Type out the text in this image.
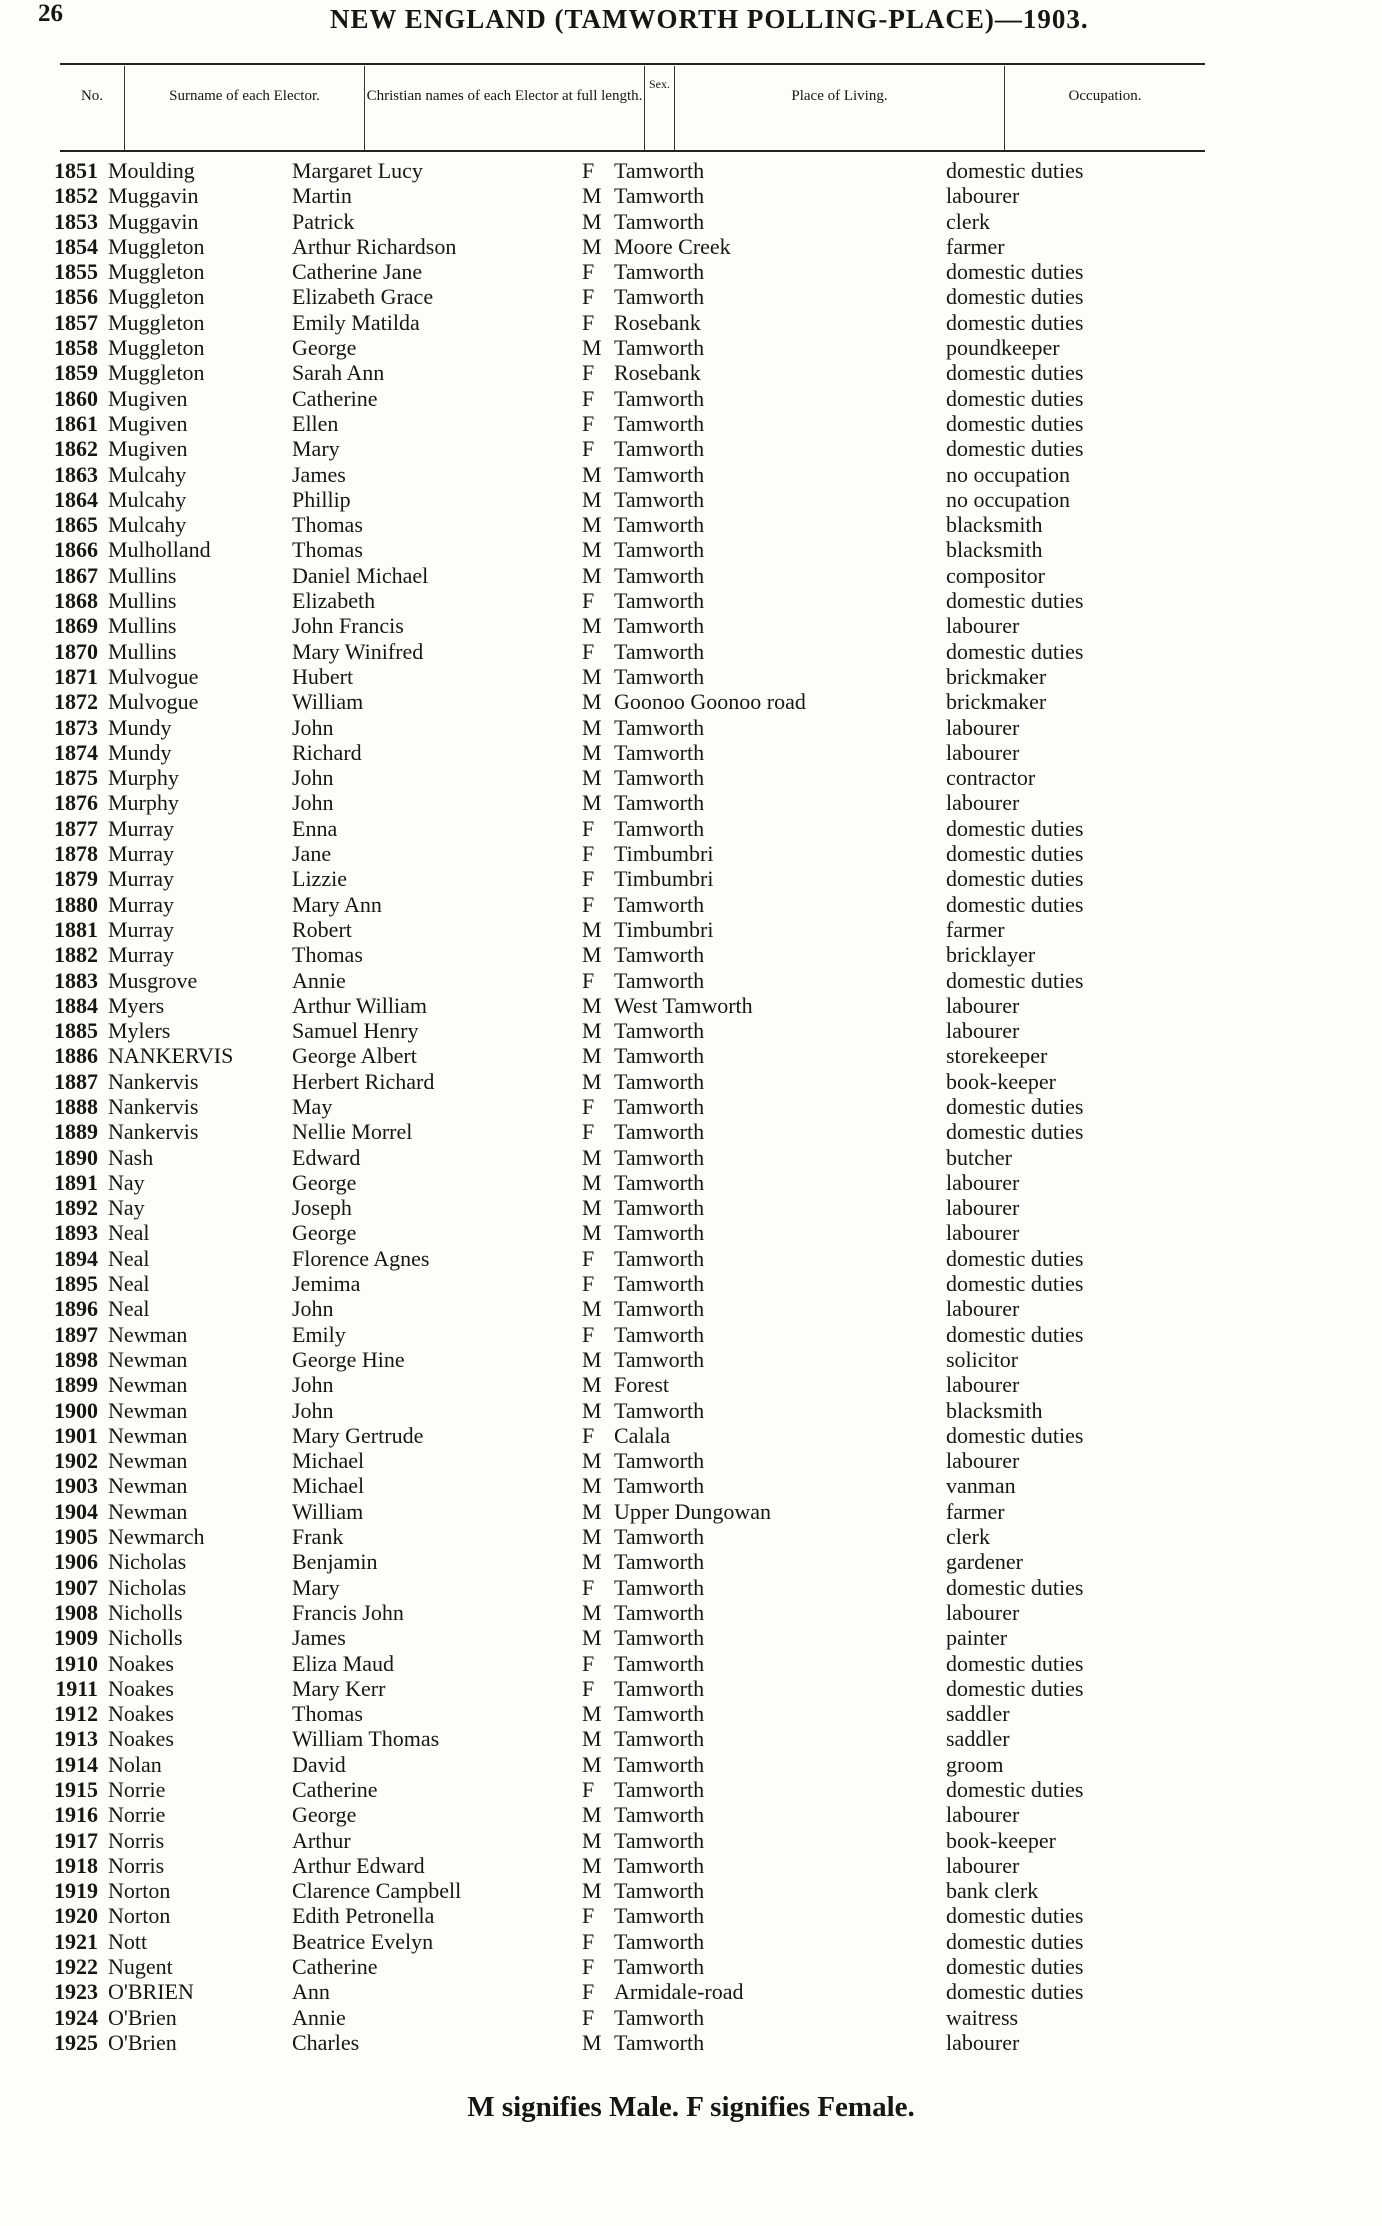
26	NEW ENGLAND (TAMWORTH POLLING-PLACE)—1903.
No.	Surname of each Elector.	Christian names of each Elector at full length.
Sex.
Place of Living.	Occupation.
1851 Moulding	Margaret Lucy	F Tamworth	domestic duties
1852 Muggavin	Martin	M Tamworth	labourer
1853 Muggavin	Patrick	M Tamworth	clerk
1854 Muggleton	Arthur Richardson	M Moore Creek	farmer
1855 Muggleton	Catherine Jane	F Tamworth	domestic duties
1856 Muggleton	Elizabeth Grace	F Tamworth	domestic duties
1857 Muggleton	Emily Matilda	F Rosebank	domestic duties
1858 Muggleton	George	M Tamworth	poundkeeper
1859 Muggleton	Sarah Ann	F Rosebank	domestic duties
1860 Mugiven	Catherine	F Tamworth	domestic duties
1861 Mugiven	Ellen	F Tamworth	domestic duties
1862 Mugiven	Mary	F Tamworth	domestic duties
1863 Mulcahy	James	M Tamworth	no occupation
1864 Mulcahy	Phillip	M Tamworth	no occupation
1865 Mulcahy	Thomas	M Tamworth	blacksmith
1866 Mulholland	Thomas	M Tamworth	blacksmith
1867 Mullins	Daniel Michael	M Tamworth	compositor
1868 Mullins	Elizabeth	F Tamworth	domestic duties
1869 Mullins	John Francis	M Tamworth	labourer
1870 Mullins	Mary Winifred	F Tamworth	domestic duties
1871 Mulvogue	Hubert	M Tamworth	brickmaker
1872 Mulvogue	William	M Goonoo Goonoo road	brickmaker
1873 Mundy	John	M Tamworth	labourer
1874 Mundy	Richard	M Tamworth	labourer
1875 Murphy	John	M Tamworth	contractor
1876 Murphy	John	M Tamworth	labourer
1877 Murray	Enna	F Tamworth	domestic duties
1878 Murray	Jane	F Timbumbri	domestic duties
1879 Murray	Lizzie	F Timbumbri	domestic duties
1880 Murray	Mary Ann	F Tamworth	domestic duties
1881 Murray	Robert	M Timbumbri	farmer
1882 Murray	Thomas	M Tamworth	bricklayer
1883 Musgrove	Annie	F Tamworth	domestic duties
1884 Myers	Arthur William	M West Tamworth	labourer
1885 Mylers	Samuel Henry	M Tamworth	labourer
1886 NANKERVIS	George Albert	M Tamworth	storekeeper
1887 Nankervis	Herbert Richard	M Tamworth	book-keeper
1888 Nankervis	May	F Tamworth	domestic duties
1889 Nankervis	Nellie Morrel	F Tamworth	domestic duties
1890 Nash	Edward	M Tamworth	butcher
1891 Nay	George	M Tamworth	labourer
1892 Nay	Joseph	M Tamworth	labourer
1893 Neal	George	M Tamworth	labourer
1894 Neal	Florence Agnes	F Tamworth	domestic duties
1895 Neal	Jemima	F Tamworth	domestic duties
1896 Neal	John	M Tamworth	labourer
1897 Newman	Emily	F Tamworth	domestic duties
1898 Newman	George Hine	M Tamworth	solicitor
1899 Newman	John	M Forest	labourer
1900 Newman	John	M Tamworth	blacksmith
1901 Newman	Mary Gertrude	F Calala	domestic duties
1902 Newman	Michael	M Tamworth	labourer
1903 Newman	Michael	M Tamworth	vanman
1904 Newman	William	M Upper Dungowan	farmer
1905 Newmarch	Frank	M Tamworth	clerk
1906 Nicholas	Benjamin	M Tamworth	gardener
1907 Nicholas	Mary	F Tamworth	domestic duties
1908 Nicholls	Francis John	M Tamworth	labourer
1909 Nicholls	James	M Tamworth	painter
1910 Noakes	Eliza Maud	F Tamworth	domestic duties
1911 Noakes	Mary Kerr	F Tamworth	domestic duties
1912 Noakes	Thomas	M Tamworth	saddler
1913 Noakes	William Thomas	M Tamworth	saddler
1914 Nolan	David	M Tamworth	groom
1915 Norrie	Catherine	F Tamworth	domestic duties
1916 Norrie	George	M Tamworth	labourer
1917 Norris	Arthur	M Tamworth	book-keeper
1918 Norris	Arthur Edward	M Tamworth	labourer
1919 Norton	Clarence Campbell	M Tamworth	bank clerk
1920 Norton	Edith Petronella	F Tamworth	domestic duties
1921 Nott	Beatrice Evelyn	F Tamworth	domestic duties
1922 Nugent	Catherine	F Tamworth	domestic duties
1923 O'BRIEN	Ann	F Armidale-road	domestic duties
1924 O'Brien	Annie	F Tamworth	waitress
1925 O'Brien	Charles	M Tamworth	labourer
M signifies Male. F signifies Female.
